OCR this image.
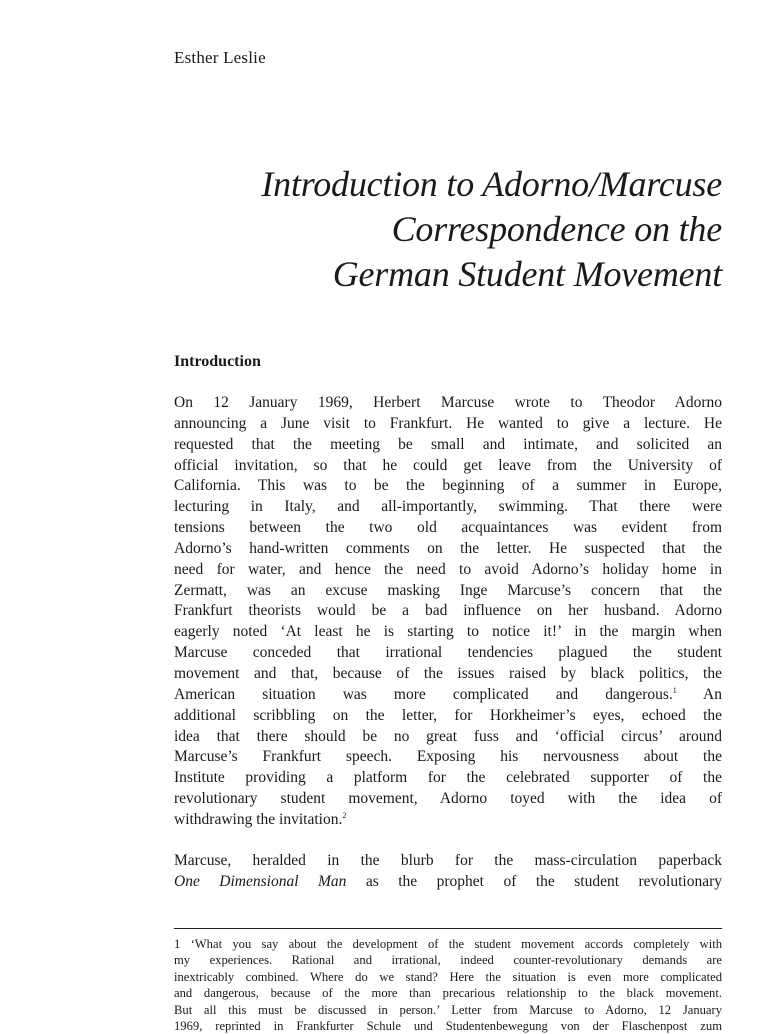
Esther Leslie
Introduction to Adorno/Marcuse
Correspondence on the
German Student Movement
Introduction
On 12 January 1969, Herbert Marcuse wrote to Theodor Adorno
announcing a June visit to Frankfurt. He wanted to give a lecture. He
requested that the meeting be small and intimate, and solicited an
official invitation, so that he could get leave from the University of
California. This was to be the beginning of a summer in Europe,
lecturing in Italy, and all-importantly, swimming. That there were
tensions between the two old acquaintances was evident from
Adorno’s hand-written comments on the letter. He suspected that the
need for water, and hence the need to avoid Adorno’s holiday home in
Zermatt, was an excuse masking Inge Marcuse’s concern that the
Frankfurt theorists would be a bad influence on her husband. Adorno
eagerly noted ‘At least he is starting to notice it!’ in the margin when
Marcuse conceded that irrational tendencies plagued the student
movement and that, because of the issues raised by black politics, the
American situation was more complicated and dangerous.$^1$ An
additional scribbling on the letter, for Horkheimer’s eyes, echoed the
idea that there should be no great fuss and ‘official circus’ around
Marcuse’s Frankfurt speech. Exposing his nervousness about the
Institute providing a platform for the celebrated supporter of the
revolutionary student movement, Adorno toyed with the idea of
withdrawing the invitation.$^2$
Marcuse, heralded in the blurb for the mass-circulation paperback
One Dimensional Man as the prophet of the student revolutionary
1 ‘What you say about the development of the student movement accords completely with
my experiences. Rational and irrational, indeed counter-revolutionary demands are
inextricably combined. Where do we stand? Here the situation is even more complicated
and dangerous, because of the more than precarious relationship to the black movement.
But all this must be discussed in person.’ Letter from Marcuse to Adorno, 12 January
1969, reprinted in Frankfurter Schule und Studentenbewegung von der Flaschenpost zum
